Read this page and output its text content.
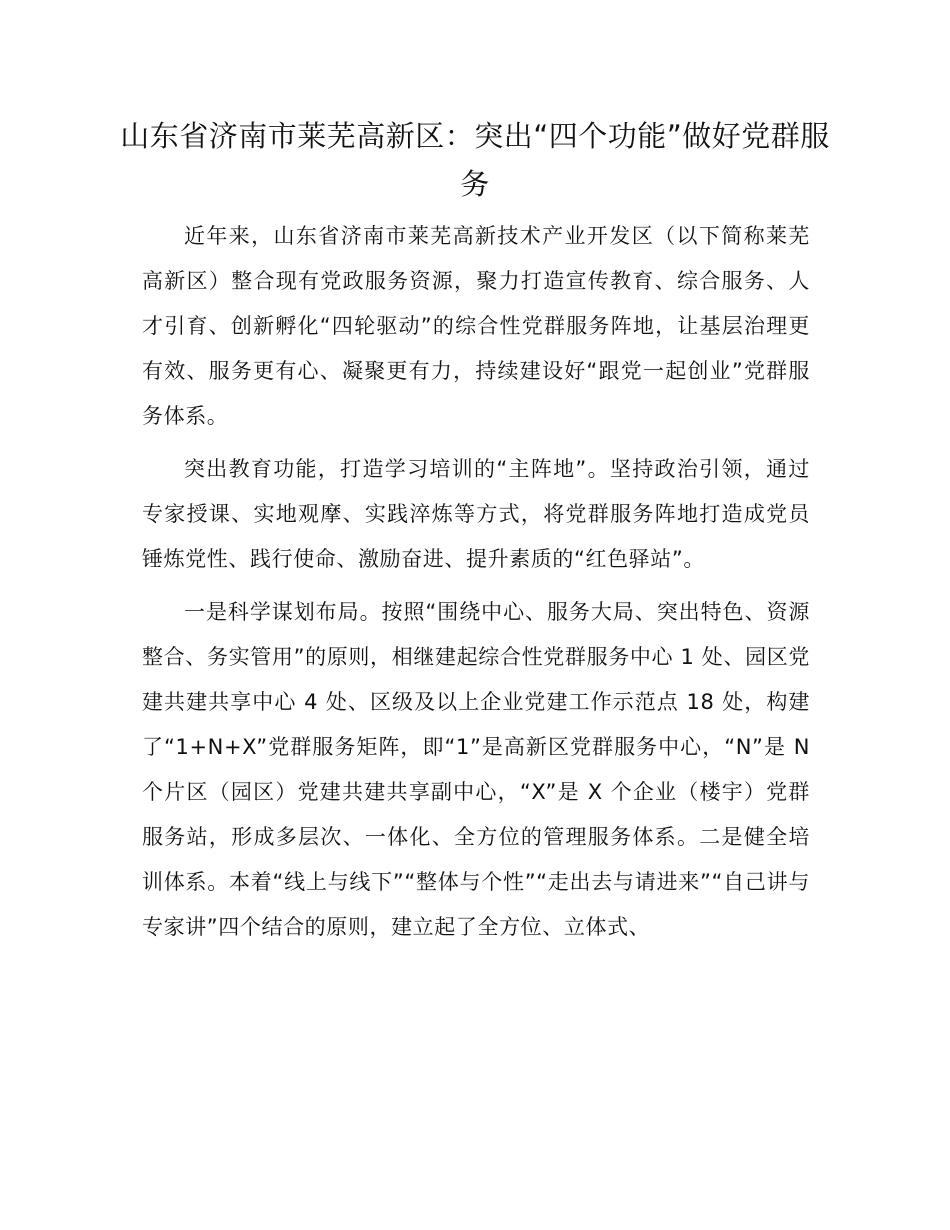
山东省济南市莱芜高新区：突出“四个功能”做好党群服务

近年来，山东省济南市莱芜高新技术产业开发区（以下简称莱芜高新区）整合现有党政服务资源，聚力打造宣传教育、综合服务、人才引育、创新孵化“四轮驱动”的综合性党群服务阵地，让基层治理更有效、服务更有心、凝聚更有力，持续建设好“跟党一起创业”党群服务体系。

突出教育功能，打造学习培训的“主阵地”。坚持政治引领，通过专家授课、实地观摩、实践淬炼等方式，将党群服务阵地打造成党员锤炼党性、践行使命、激励奋进、提升素质的“红色驿站”。

一是科学谋划布局。按照“围绕中心、服务大局、突出特色、资源整合、务实管用”的原则，相继建起综合性党群服务中心 1 处、园区党建共建共享中心 4 处、区级及以上企业党建工作示范点 18 处，构建了“1+N+X”党群服务矩阵，即“1”是高新区党群服务中心，“N”是 N 个片区（园区）党建共建共享副中心，“X”是 X 个企业（楼宇）党群服务站，形成多层次、一体化、全方位的管理服务体系。二是健全培训体系。本着“线上与线下”“整体与个性”“走出去与请进来”“自己讲与专家讲”四个结合的原则，建立起了全方位、立体式、
